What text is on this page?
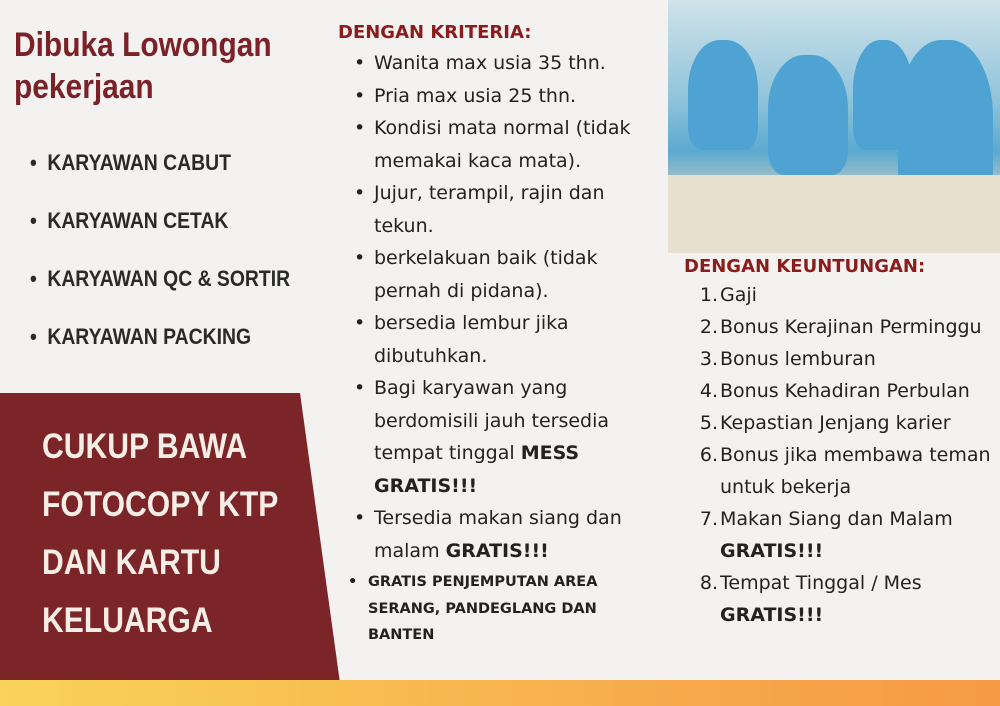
Dibuka Lowongan
pekerjaan
• KARYAWAN CABUT
• KARYAWAN CETAK
• KARYAWAN QC & SORTIR
• KARYAWAN PACKING
CUKUP BAWA
FOTOCOPY KTP
DAN KARTU
KELUARGA
DENGAN KRITERIA:
• Wanita max usia 35 thn.
• Pria max usia 25 thn.
• Kondisi mata normal (tidak memakai kaca mata).
• Jujur, terampil, rajin dan tekun.
• berkelakuan baik (tidak pernah di pidana).
• bersedia lembur jika dibutuhkan.
• Bagi karyawan yang berdomisili jauh tersedia tempat tinggal MESS GRATIS!!!
• Tersedia makan siang dan malam GRATIS!!!
• GRATIS PENJEMPUTAN AREA SERANG, PANDEGLANG DAN BANTEN
DENGAN KEUNTUNGAN:
1. Gaji
2. Bonus Kerajinan Perminggu
3. Bonus lemburan
4. Bonus Kehadiran Perbulan
5. Kepastian Jenjang karier
6. Bonus jika membawa teman untuk bekerja
7. Makan Siang dan Malam GRATIS!!!
8. Tempat Tinggal / Mes GRATIS!!!
